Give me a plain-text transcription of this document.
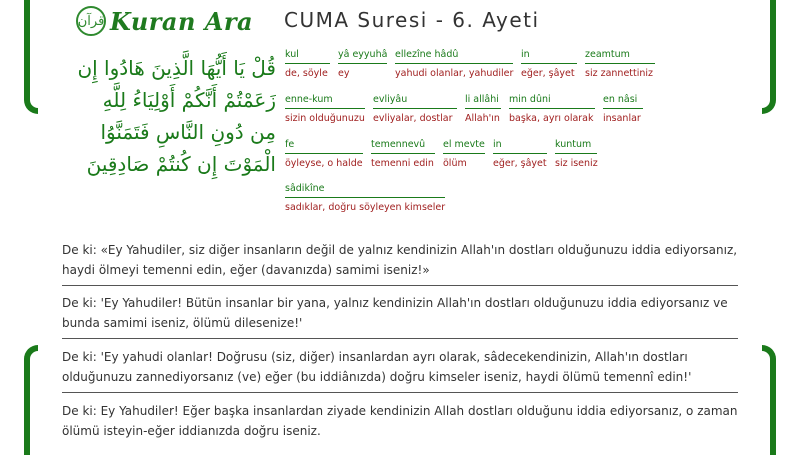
قرآن Kuran Ara
قُلْ يَا أَيُّهَا الَّذِينَ هَادُوا إِن
زَعَمْتُمْ أَنَّكُمْ أَوْلِيَاءُ لِلَّهِ
مِن دُونِ النَّاسِ فَتَمَنَّوُا
الْمَوْتَ إِن كُنتُمْ صَادِقِينَ
CUMA Suresi - 6. Ayeti
kul
de, söyle
yâ eyyuhâ
ey
ellezîne hâdû
yahudi olanlar, yahudiler
in
eğer, şâyet
zeamtum
siz zannettiniz
enne-kum
sizin olduğunuzu
evliyâu
evliyalar, dostlar
li allâhi
Allah'ın
min dûni
başka, ayrı olarak
en nâsi
insanlar
fe
öyleyse, o halde
temennevû
temenni edin
el mevte
ölüm
in
eğer, şâyet
kuntum
siz iseniz
sâdikîne
sadıklar, doğru söyleyen kimseler
De ki: «Ey Yahudiler, siz diğer insanların değil de yalnız kendinizin Allah'ın dostları olduğunuzu iddia ediyorsanız, haydi ölmeyi temenni edin, eğer (davanızda) samimi iseniz!»
De ki: 'Ey Yahudiler! Bütün insanlar bir yana, yalnız kendinizin Allah'ın dostları olduğunuzu iddia ediyorsanız ve bunda samimi iseniz, ölümü dilesenize!'
De ki: 'Ey yahudi olanlar! Doğrusu (siz, diğer) insanlardan ayrı olarak, sâdecekendinizin, Allah'ın dostları olduğunuzu zannediyorsanız (ve) eğer (bu iddiânızda) doğru kimseler iseniz, haydi ölümü temennî edin!'
De ki: Ey Yahudiler! Eğer başka insanlardan ziyade kendinizin Allah dostları olduğunu iddia ediyorsanız, o zaman ölümü isteyin-eğer iddianızda doğru iseniz.
